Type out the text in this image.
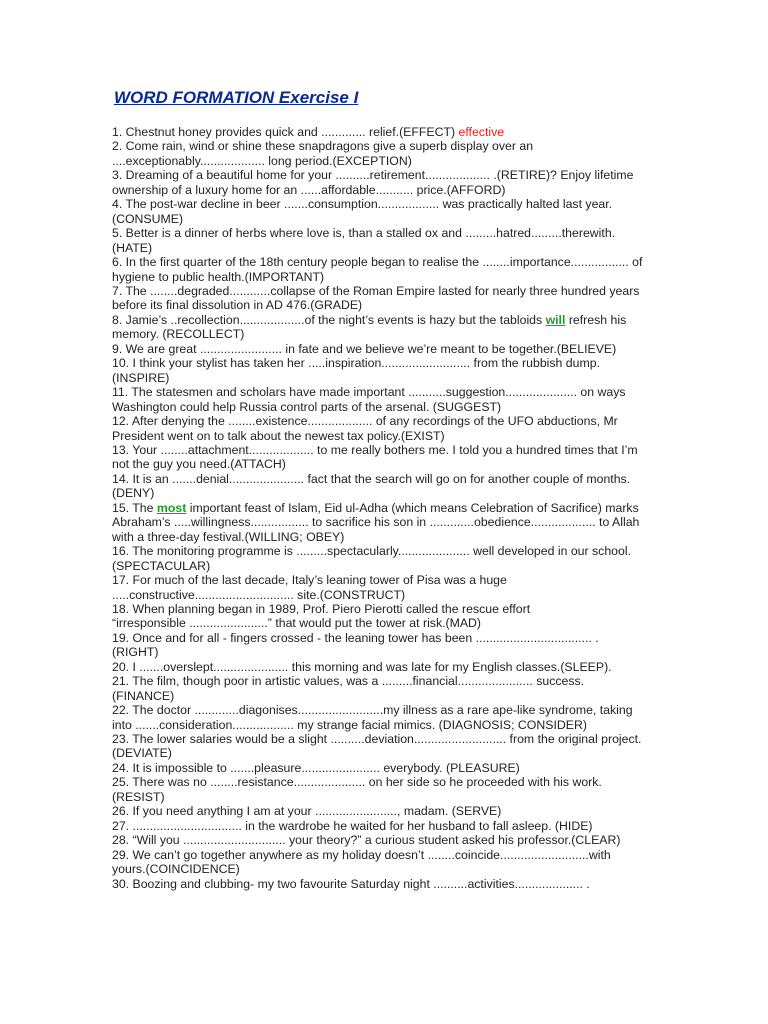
WORD FORMATION Exercise I
1. Chestnut honey provides quick and ............. relief.(EFFECT) effective
2. Come rain, wind or shine these snapdragons give a superb display over an
....exceptionably................... long period.(EXCEPTION)
3. Dreaming of a beautiful home for your ..........retirement................... .(RETIRE)? Enjoy lifetime
ownership of a luxury home for an ......affordable........... price.(AFFORD)
4. The post-war decline in beer .......consumption.................. was practically halted last year.
(CONSUME)
5. Better is a dinner of herbs where love is, than a stalled ox and .........hatred.........therewith.
(HATE)
6. In the first quarter of the 18th century people began to realise the ........importance................. of
hygiene to public health.(IMPORTANT)
7. The ........degraded............collapse of the Roman Empire lasted for nearly three hundred years
before its final dissolution in AD 476.(GRADE)
8. Jamie’s ..recollection...................of the night’s events is hazy but the tabloids will refresh his
memory. (RECOLLECT)
9. We are great ........................ in fate and we believe we’re meant to be together.(BELIEVE)
10. I think your stylist has taken her .....inspiration.......................... from the rubbish dump.
(INSPIRE)
11. The statesmen and scholars have made important ...........suggestion..................... on ways
Washington could help Russia control parts of the arsenal. (SUGGEST)
12. After denying the ........existence................... of any recordings of the UFO abductions, Mr
President went on to talk about the newest tax policy.(EXIST)
13. Your ........attachment................... to me really bothers me. I told you a hundred times that I’m
not the guy you need.(ATTACH)
14. It is an .......denial...................... fact that the search will go on for another couple of months.
(DENY)
15. The most important feast of Islam, Eid ul-Adha (which means Celebration of Sacrifice) marks
Abraham’s .....willingness................. to sacrifice his son in .............obedience................... to Allah
with a three-day festival.(WILLING; OBEY)
16. The monitoring programme is .........spectacularly..................... well developed in our school.
(SPECTACULAR)
17. For much of the last decade, Italy’s leaning tower of Pisa was a huge
.....constructive............................. site.(CONSTRUCT)
18. When planning began in 1989, Prof. Piero Pierotti called the rescue effort
“irresponsible .......................” that would put the tower at risk.(MAD)
19. Once and for all - fingers crossed - the leaning tower has been .................................. .
(RIGHT)
20. I .......overslept...................... this morning and was late for my English classes.(SLEEP).
21. The film, though poor in artistic values, was a .........financial...................... success.
(FINANCE)
22. The doctor .............diagonises.........................my illness as a rare ape-like syndrome, taking
into .......consideration.................. my strange facial mimics. (DIAGNOSIS; CONSIDER)
23. The lower salaries would be a slight ..........deviation........................... from the original project.
(DEVIATE)
24. It is impossible to .......pleasure....................... everybody. (PLEASURE)
25. There was no ........resistance..................... on her side so he proceeded with his work.
(RESIST)
26. If you need anything I am at your ........................, madam. (SERVE)
27. ................................ in the wardrobe he waited for her husband to fall asleep. (HIDE)
28. “Will you .............................. your theory?” a curious student asked his professor.(CLEAR)
29. We can’t go together anywhere as my holiday doesn’t ........coincide..........................with
yours.(COINCIDENCE)
30. Boozing and clubbing- my two favourite Saturday night ..........activities.................... .
